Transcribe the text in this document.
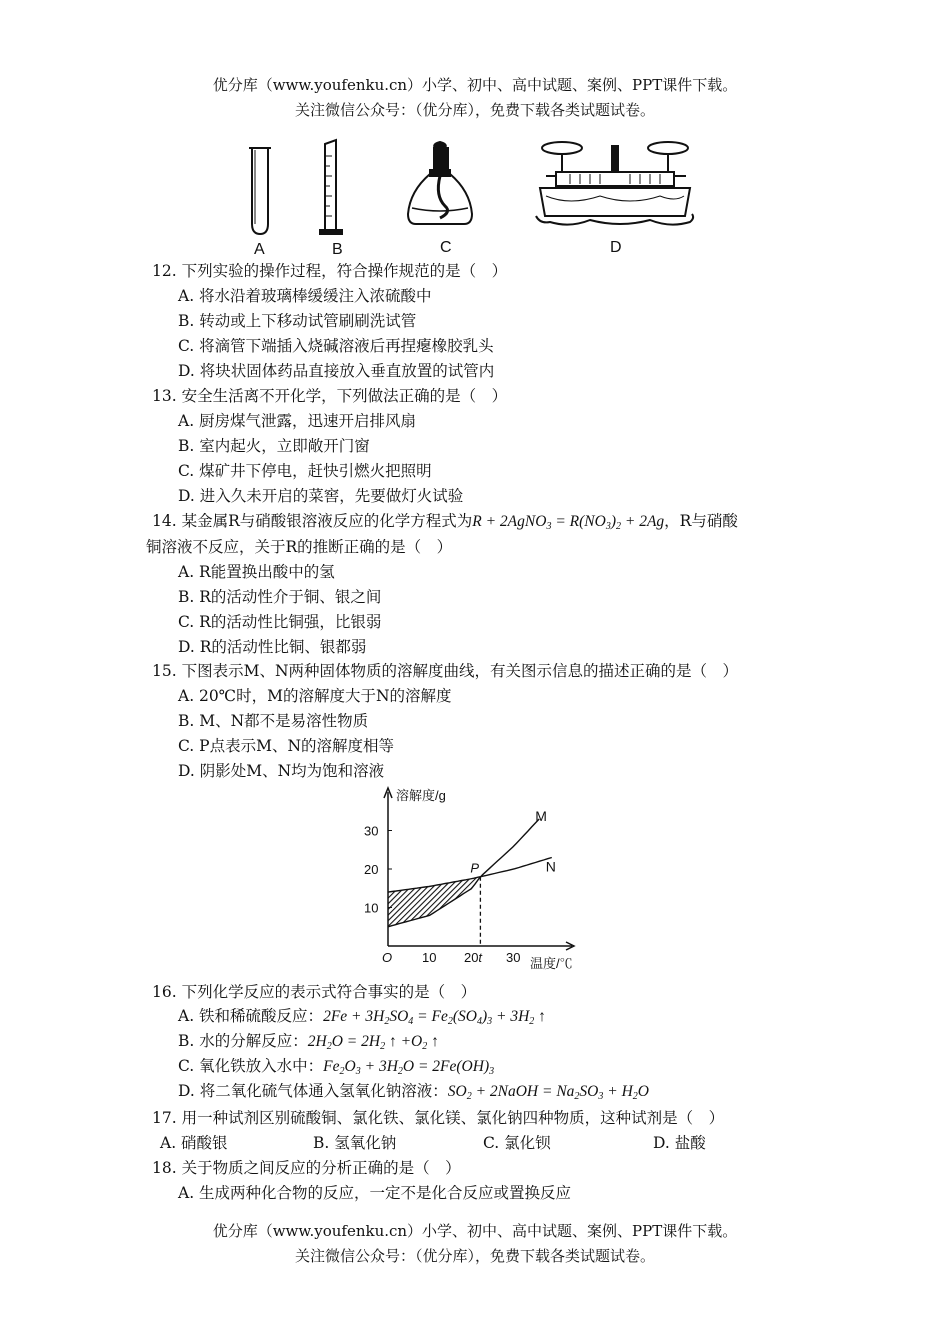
优分库（www.youfenku.cn）小学、初中、高中试题、案例、PPT课件下载。
关注微信公众号：（优分库），免费下载各类试题试卷。
A	B	C	D
12. 下列实验的操作过程，符合操作规范的是（　）
A. 将水沿着玻璃棒缓缓注入浓硫酸中
B. 转动或上下移动试管刷刷洗试管
C. 将滴管下端插入烧碱溶液后再捏瘪橡胶乳头
D. 将块状固体药品直接放入垂直放置的试管内
13. 安全生活离不开化学，下列做法正确的是（　）
A. 厨房煤气泄露，迅速开启排风扇
B. 室内起火，立即敞开门窗
C. 煤矿井下停电，赶快引燃火把照明
D. 进入久未开启的菜窖，先要做灯火试验
14. 某金属R与硝酸银溶液反应的化学方程式为R + 2AgNO$_3$ = $R(NO_3)_2 + 2Ag$，R与硝酸
铜溶液不反应，关于R的推断正确的是（　）
A. R能置换出酸中的氢
B. R的活动性介于铜、银之间
C. R的活动性比铜强，比银弱
D. R的活动性比铜、银都弱
15. 下图表示M、N两种固体物质的溶解度曲线，有关图示信息的描述正确的是（　）
A. 20℃时，M的溶解度大于N的溶解度
B. M、N都不是易溶性物质
C. P点表示M、N的溶解度相等
D. 阴影处M、N均为饱和溶液
M
N
P
10
20
30
O 10 20 t 30
溶解度/g
温度/℃
16. 下列化学反应的表示式符合事实的是（　）
A. 铁和稀硫酸反应：$2Fe + 3H_2SO_4 = Fe_2(SO_4)_3 + 3H_2$ ↑
B. 水的分解反应：$2H_2O = 2H_2$ ↑ $+O_2$ ↑
C. 氧化铁放入水中：$Fe_2O_3 + 3H_2O = 2Fe(OH)_3$
D. 将二氧化硫气体通入氢氧化钠溶液：$SO_2$ + 2NaOH = $Na_2SO_3 + H_2O$
17. 用一种试剂区别硫酸铜、氯化铁、氯化镁、氯化钠四种物质，这种试剂是（　）
A. 硝酸银	B. 氢氧化钠	C. 氯化钡	D. 盐酸
18. 关于物质之间反应的分析正确的是（　）
A. 生成两种化合物的反应，一定不是化合反应或置换反应
优分库（www.youfenku.cn）小学、初中、高中试题、案例、PPT课件下载。
关注微信公众号：（优分库），免费下载各类试题试卷。
